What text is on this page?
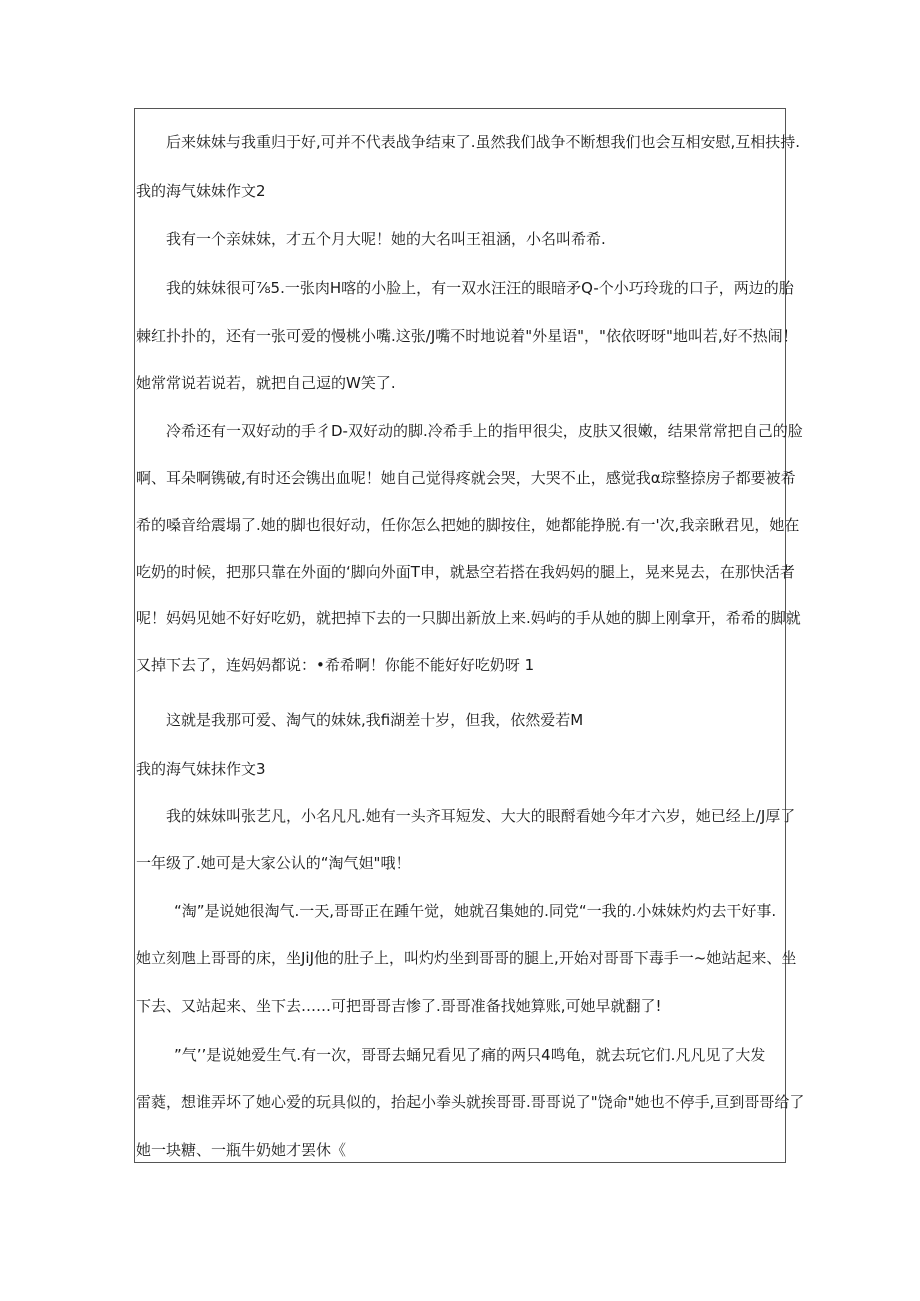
后来妹妹与我重归于好,可并不代表战争结束了.虽然我们战争不断想我们也会互相安慰,互相扶持.
我的海气妹妹作文2
我有一个亲妹妹，才五个月大呢！她的大名叫王祖涵，小名叫希希.
我的妹妹很可⅞5.一张肉H喀的小脸上，有一双水汪汪的眼暗矛Q-个小巧玲珑的口子，两边的胎
棘红扑扑的，还有一张可爱的慢桃小嘴.这张/J嘴不时地说着"外星语"，"依依呀呀"地叫若,好不热闹！
她常常说若说若，就把自己逗的W笑了.
冷希还有一双好动的手彳D-双好动的脚.冷希手上的指甲很尖，皮肤又很嫩，结果常常把自己的脸
啊、耳朵啊镌破,有时还会镌出血呢！她自己觉得疼就会哭，大哭不止，感觉我α琮整捺房子都要被希
希的嗓音给震塌了.她的脚也很好动，任你怎么把她的脚按住，她都能挣脱.有一'次,我亲瞅君见，她在
吃奶的时候，把那只靠在外面的‘脚向外面T申，就悬空若搭在我妈妈的腿上，晃来晃去，在那快活者
呢！妈妈见她不好好吃奶，就把掉下去的一只脚出新放上来.妈屿的手从她的脚上刚拿开，希希的脚就
又掉下去了，连妈妈都说：•希希啊！你能不能好好吃奶呀 1
这就是我那可爱、淘气的妹妹,我fi湖差十岁，但我，依然爱若M
我的海气妹抹作文3
我的妹妹叫张艺凡，小名凡凡.她有一头齐耳短发、大大的眼酹看她今年才六岁，她已经上/J厚了
一年级了.她可是大家公认的“淘气妲"哦！
“淘”是说她很淘气.一天,哥哥正在踵午觉，她就召集她的.同党“一我的.小妹妹灼灼去干好事.
她立刻虺上哥哥的床，坐JiJ他的肚子上，叫灼灼坐到哥哥的腿上,开始对哥哥下毒手一~她站起来、坐
下去、又站起来、坐下去……可把哥哥吉惨了.哥哥准备找她算账,可她早就翻了!
”气’’是说她爱生气.有一次，哥哥去蛹兄看见了痛的两只4鸣龟，就去玩它们.凡凡见了大发
雷蕤，想谁弄坏了她心爱的玩具似的，抬起小拳头就挨哥哥.哥哥说了"饶命"她也不停手,亘到哥哥给了
她一块糖、一瓶牛奶她才罢休《
